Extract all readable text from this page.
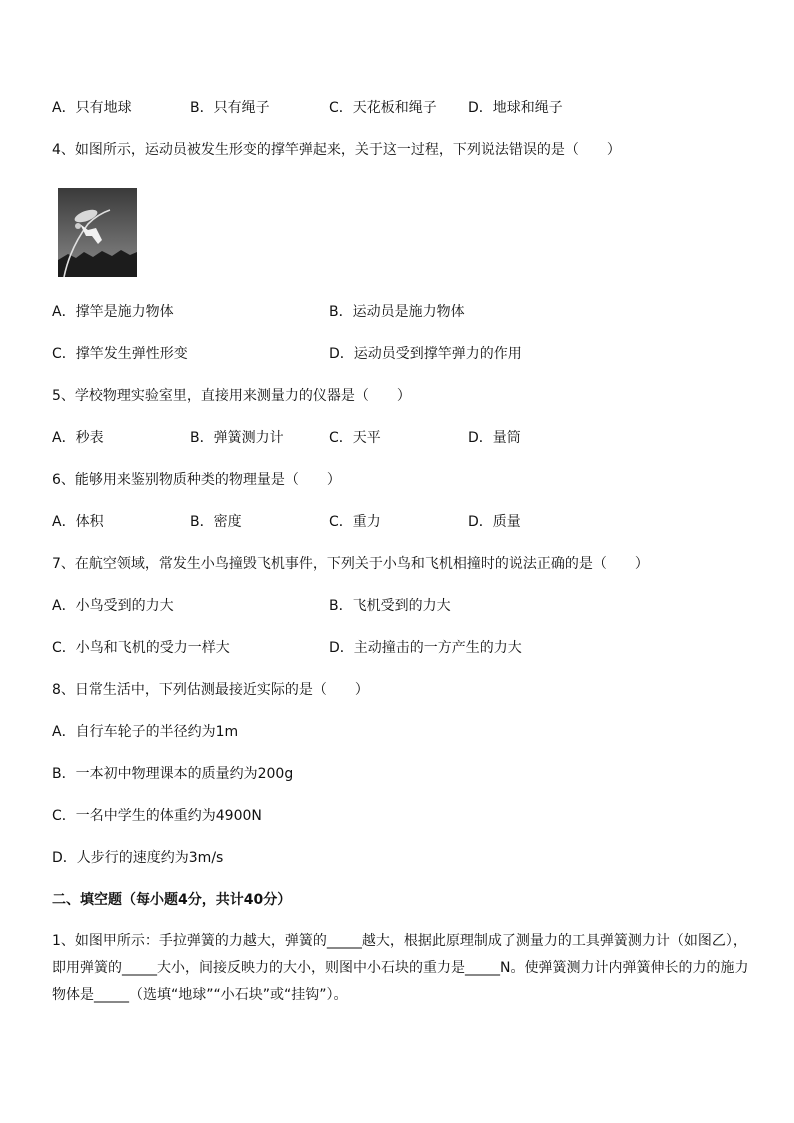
A．只有地球	B．只有绳子	C．天花板和绳子 D．地球和绳子
4、如图所示，运动员被发生形变的撑竿弹起来，关于这一过程，下列说法错误的是（　　）
A．撑竿是施力物体	B．运动员是施力物体
C．撑竿发生弹性形变	D．运动员受到撑竿弹力的作用
5、学校物理实验室里，直接用来测量力的仪器是（　　）
A．秒表	B．弹簧测力计	C．天平	D．量筒
6、能够用来鉴别物质种类的物理量是（　　）
A．体积	B．密度	C．重力	D．质量
7、在航空领域，常发生小鸟撞毁飞机事件，下列关于小鸟和飞机相撞时的说法正确的是（　　）
A．小鸟受到的力大	B．飞机受到的力大
C．小鸟和飞机的受力一样大	D．主动撞击的一方产生的力大
8、日常生活中，下列估测最接近实际的是（　　）
A．自行车轮子的半径约为1m
B．一本初中物理课本的质量约为200g
C．一名中学生的体重约为4900N
D．人步行的速度约为3m/s
二、填空题（每小题4分，共计40分）
1、如图甲所示：手拉弹簧的力越大，弹簧的_____越大，根据此原理制成了测量力的工具弹簧测力计（如图乙），即用弹簧的_____大小，间接反映力的大小，则图中小石块的重力是_____N。使弹簧测力计内弹簧伸长的力的施力物体是_____（选填“地球”“小石块”或“挂钩”）。
